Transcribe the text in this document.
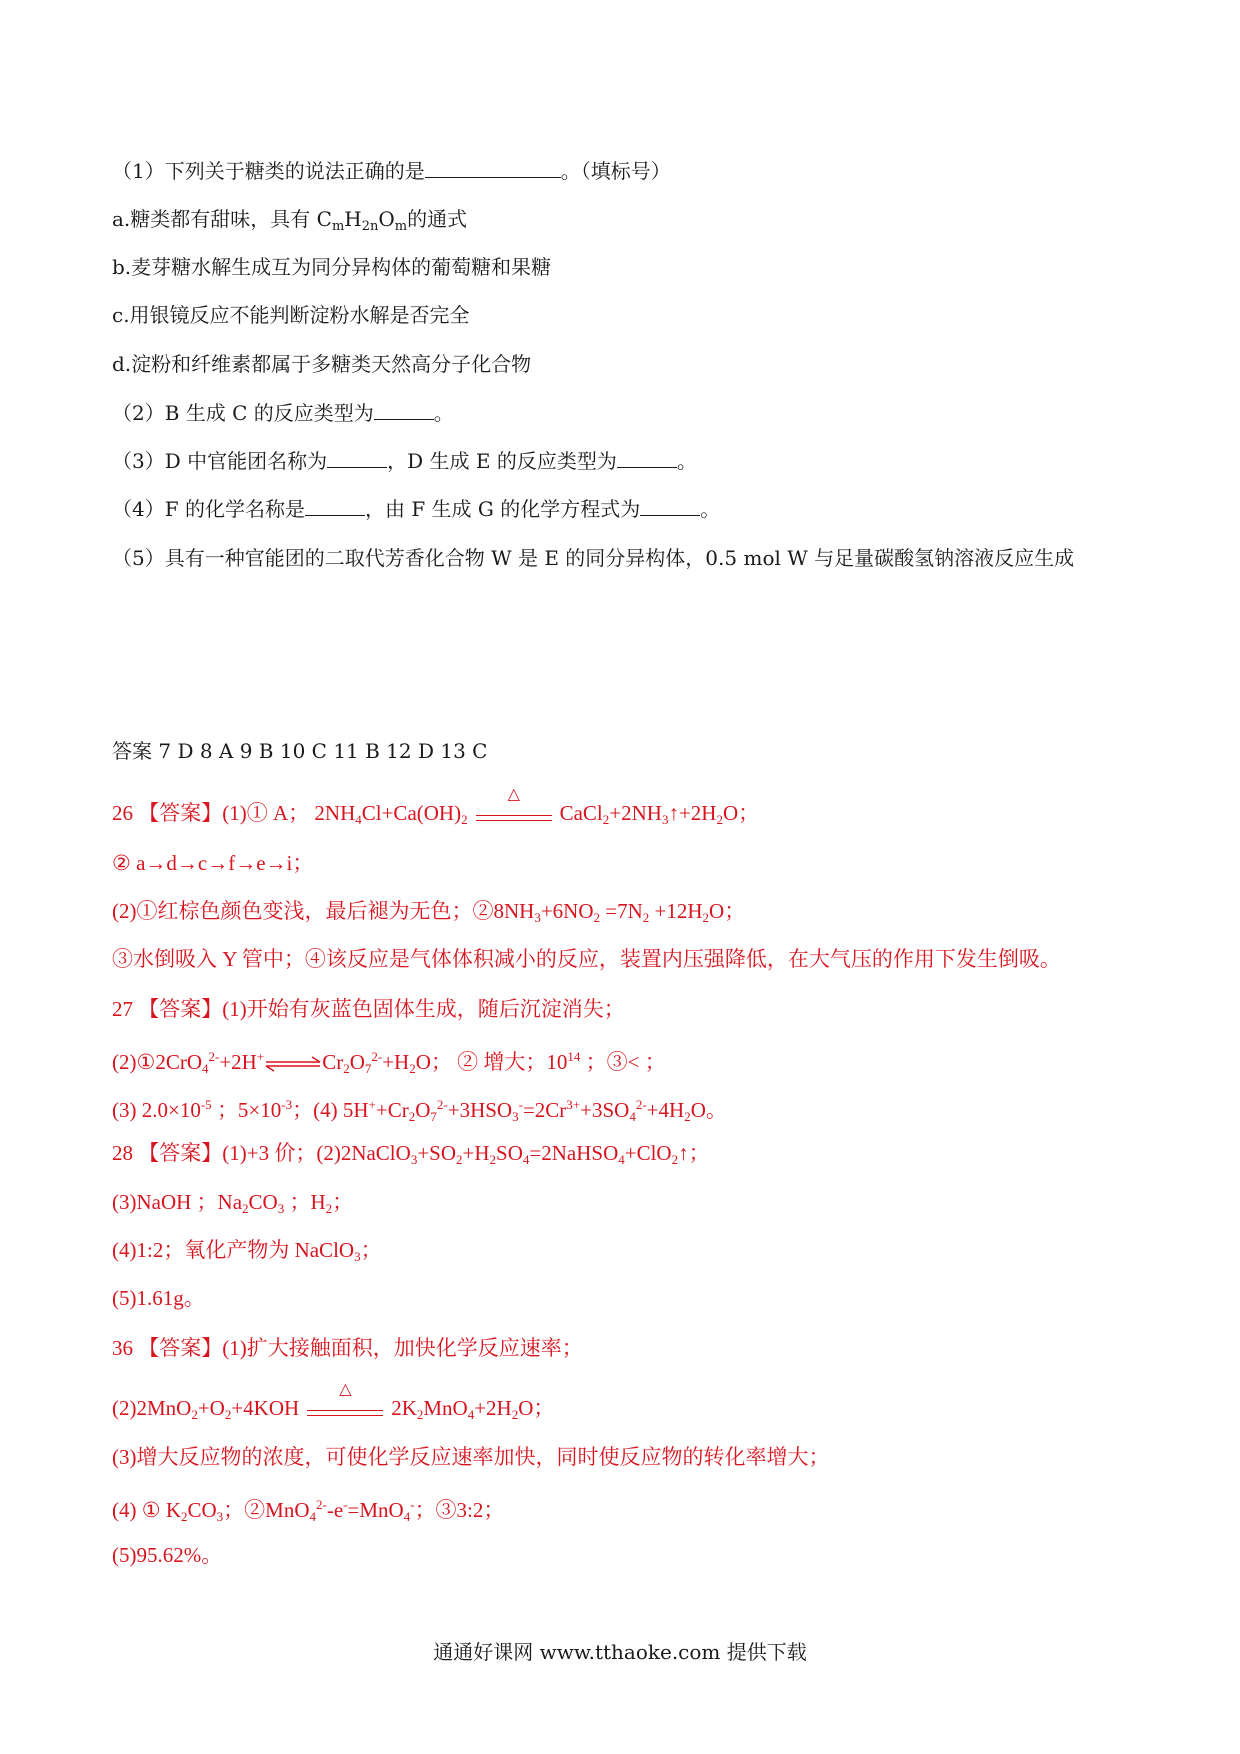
（1）下列关于糖类的说法正确的是	。（填标号）
a.糖类都有甜味，具有 $C_mH_{2n}O_m$的通式
b.麦芽糖水解生成互为同分异构体的葡萄糖和果糖
c.用银镜反应不能判断淀粉水解是否完全
d.淀粉和纤维素都属于多糖类天然高分子化合物
（2）B 生成 C 的反应类型为	。
（3）D 中官能团名称为	，D 生成 E 的反应类型为	。
（4）F 的化学名称是	，由 F 生成 G 的化学方程式为	。
（5）具有一种官能团的二取代芳香化合物 W 是 E 的同分异构体，0.5 mol W 与足量碳酸氢钠溶液反应生成
答案 7 D 8 A 9 B 10 C 11 B 12 D 13 C
26 【答案】(1)① A； $2NH_4Cl+Ca(OH)_2$
△
$CaCl_2+2NH_3↑+2H_2O$；
② a→d→c→f→e→i；
(2)①红棕色颜色变浅，最后褪为无色；$②8NH_3+6NO_2 =7N_2 +12H_2O$；
③水倒吸入 Y 管中；④该反应是气体体积减小的反应，装置内压强降低，在大气压的作用下发生倒吸。
27 【答案】(1)开始有灰蓝色固体生成，随后沉淀消失；
$(2)①2CrO_4^{2-}+2H^+\rightleftharpoons Cr_2O_7^{2-}+H_2O$； ② 增大；$10^{14}$ ；③< ；
(3) $2.0\times 10^{-5}$ ；$5\times 10^{-3}$；(4) $5H^++Cr_2O_7^{2-}+3HSO_3^-=2Cr^{3+}+3SO_4^{2-}+4H_2O$。
28 【答案】(1)+3 价；$(2)2NaClO_3+SO_2+H_2SO_4=2NaHSO_4+ClO_2↑$；
(3)NaOH ；$Na_2CO_3$ ；$H_2$；
(4)1:2；氧化产物为 NaClO$_3$；
(5)1.61g。
36 【答案】(1)扩大接触面积，加快化学反应速率；
$(2)2MnO_2+O_2+4KOH$
△
$2K_2MnO_4+2H_2O$；
(3)增大反应物的浓度，可使化学反应速率加快，同时使反应物的转化率增大；
(4) ① $K_2CO_3$；②MnO$_4^{2-}$-e-=MnO$_4$-；③3:2；
(5)95.62%。
通通好课网 www.tthaoke.com 提供下载
